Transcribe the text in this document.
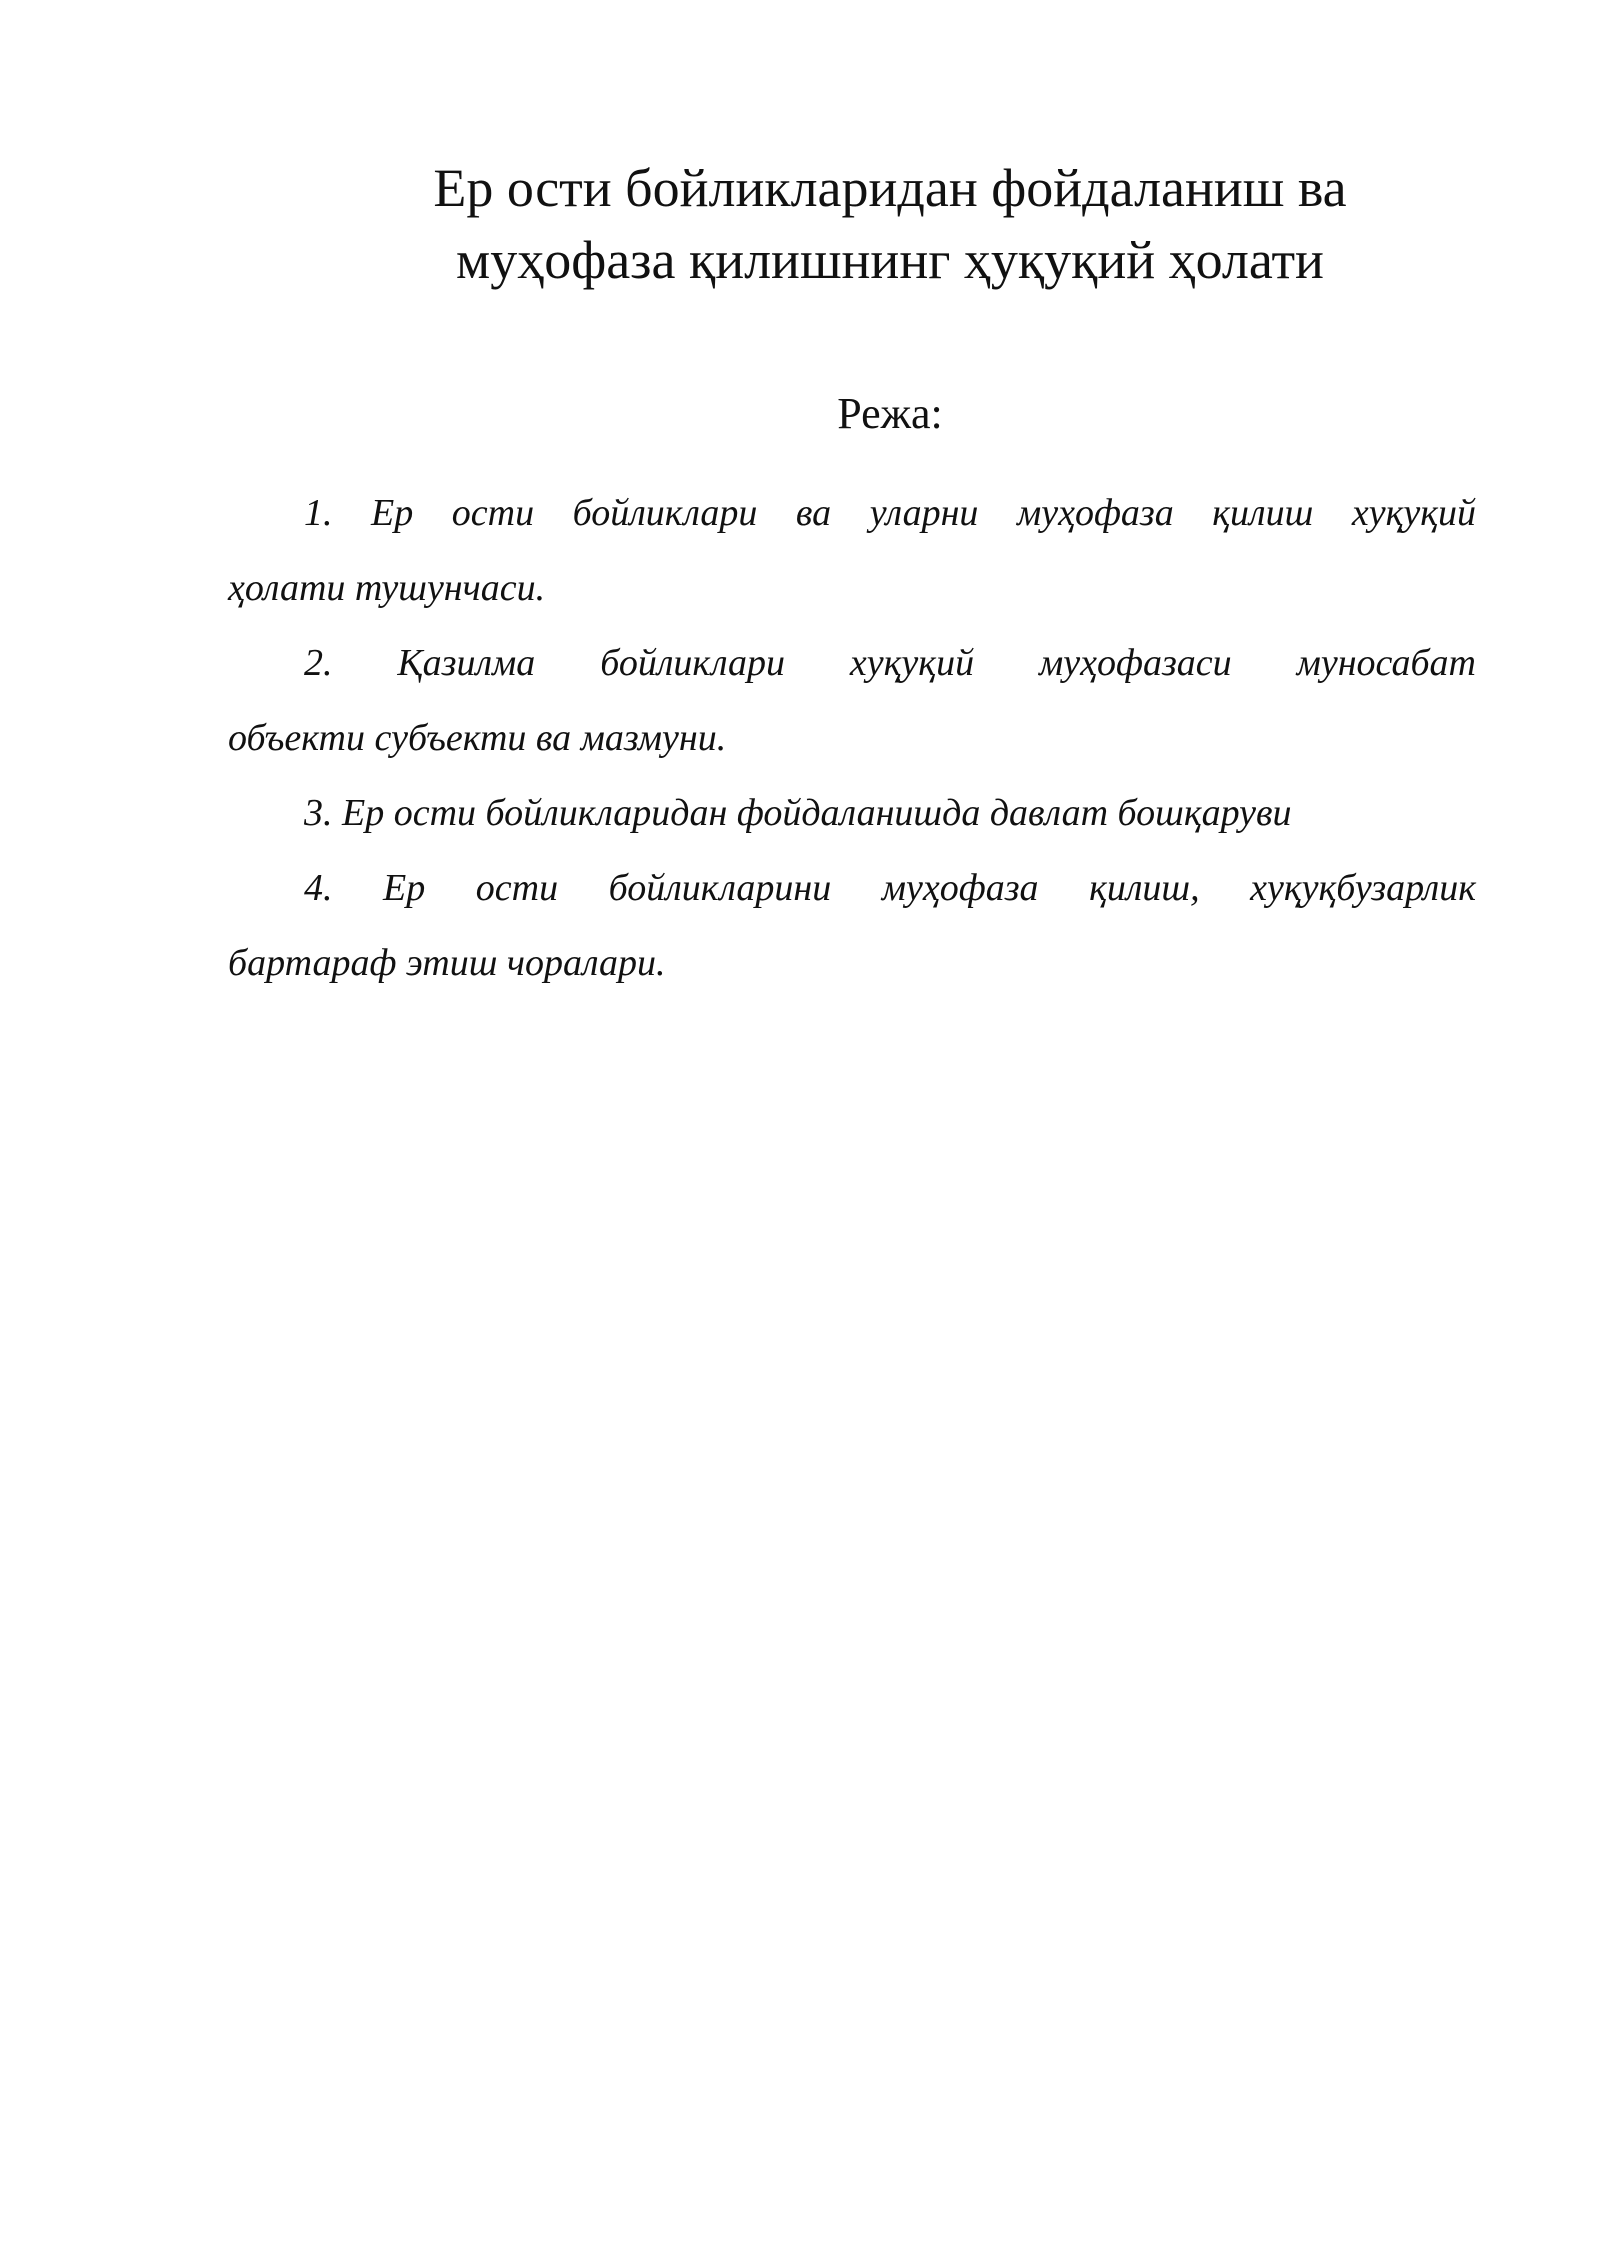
Ер ости бойликларидан фойдаланиш ва
муҳофаза қилишнинг ҳуқуқий ҳолати
Режа:
1. Ер ости бойликлари ва уларни муҳофаза қилиш хуқуқий
ҳолати тушунчаси.
2. Қазилма бойликлари хуқуқий муҳофазаси муносабат
объекти субъекти ва мазмуни.
3. Ер ости бойликларидан фойдаланишда давлат бошқаруви
4. Ер ости бойликларини муҳофаза қилиш, хуқуқбузарлик
бартараф этиш чоралари.
